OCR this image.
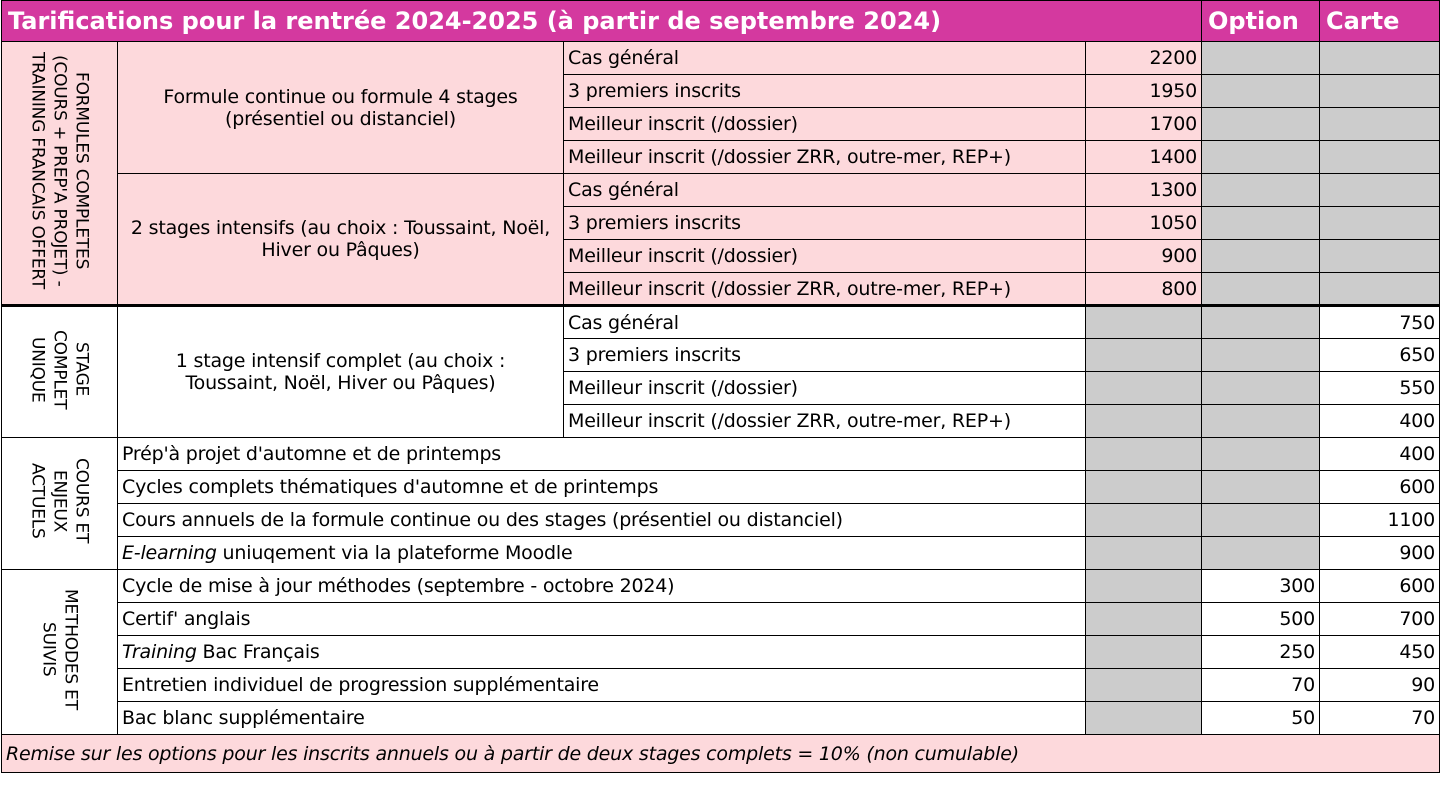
Tarifications pour la rentrée 2024-2025 (à partir de septembre 2024)				Option	Carte
FORMULES COMPLETES
(COURS + PREP'A PROJET) -
TRAINING FRANCAIS OFFERT	Formule continue ou formule 4 stages (présentiel ou distanciel)	Cas général	2200		
		3 premiers inscrits	1950		
		Meilleur inscrit (/dossier)	1700		
		Meilleur inscrit (/dossier ZRR, outre-mer, REP+)	1400		
	2 stages intensifs (au choix : Toussaint, Noël, Hiver ou Pâques)	Cas général	1300		
		3 premiers inscrits	1050		
		Meilleur inscrit (/dossier)	900		
		Meilleur inscrit (/dossier ZRR, outre-mer, REP+)	800		
STAGE
COMPLET
UNIQUE	1 stage intensif complet (au choix : Toussaint, Noël, Hiver ou Pâques)	Cas général			750
		3 premiers inscrits			650
		Meilleur inscrit (/dossier)			550
		Meilleur inscrit (/dossier ZRR, outre-mer, REP+)			400
COURS ET
ENJEUX
ACTUELS	Prép'à projet d'automne et de printemps				400
	Cycles complets thématiques d'automne et de printemps				600
	Cours annuels de la formule continue ou des stages (présentiel ou distanciel)				1100
	E-learning uniuqement via la plateforme Moodle				900
METHODES ET
SUIVIS	Cycle de mise à jour méthodes (septembre - octobre 2024)			300	600
	Certif' anglais			500	700
	Training Bac Français			250	450
	Entretien individuel de progression supplémentaire			70	90
	Bac blanc supplémentaire			50	70
Remise sur les options pour les inscrits annuels ou à partir de deux stages complets = 10% (non cumulable)					
